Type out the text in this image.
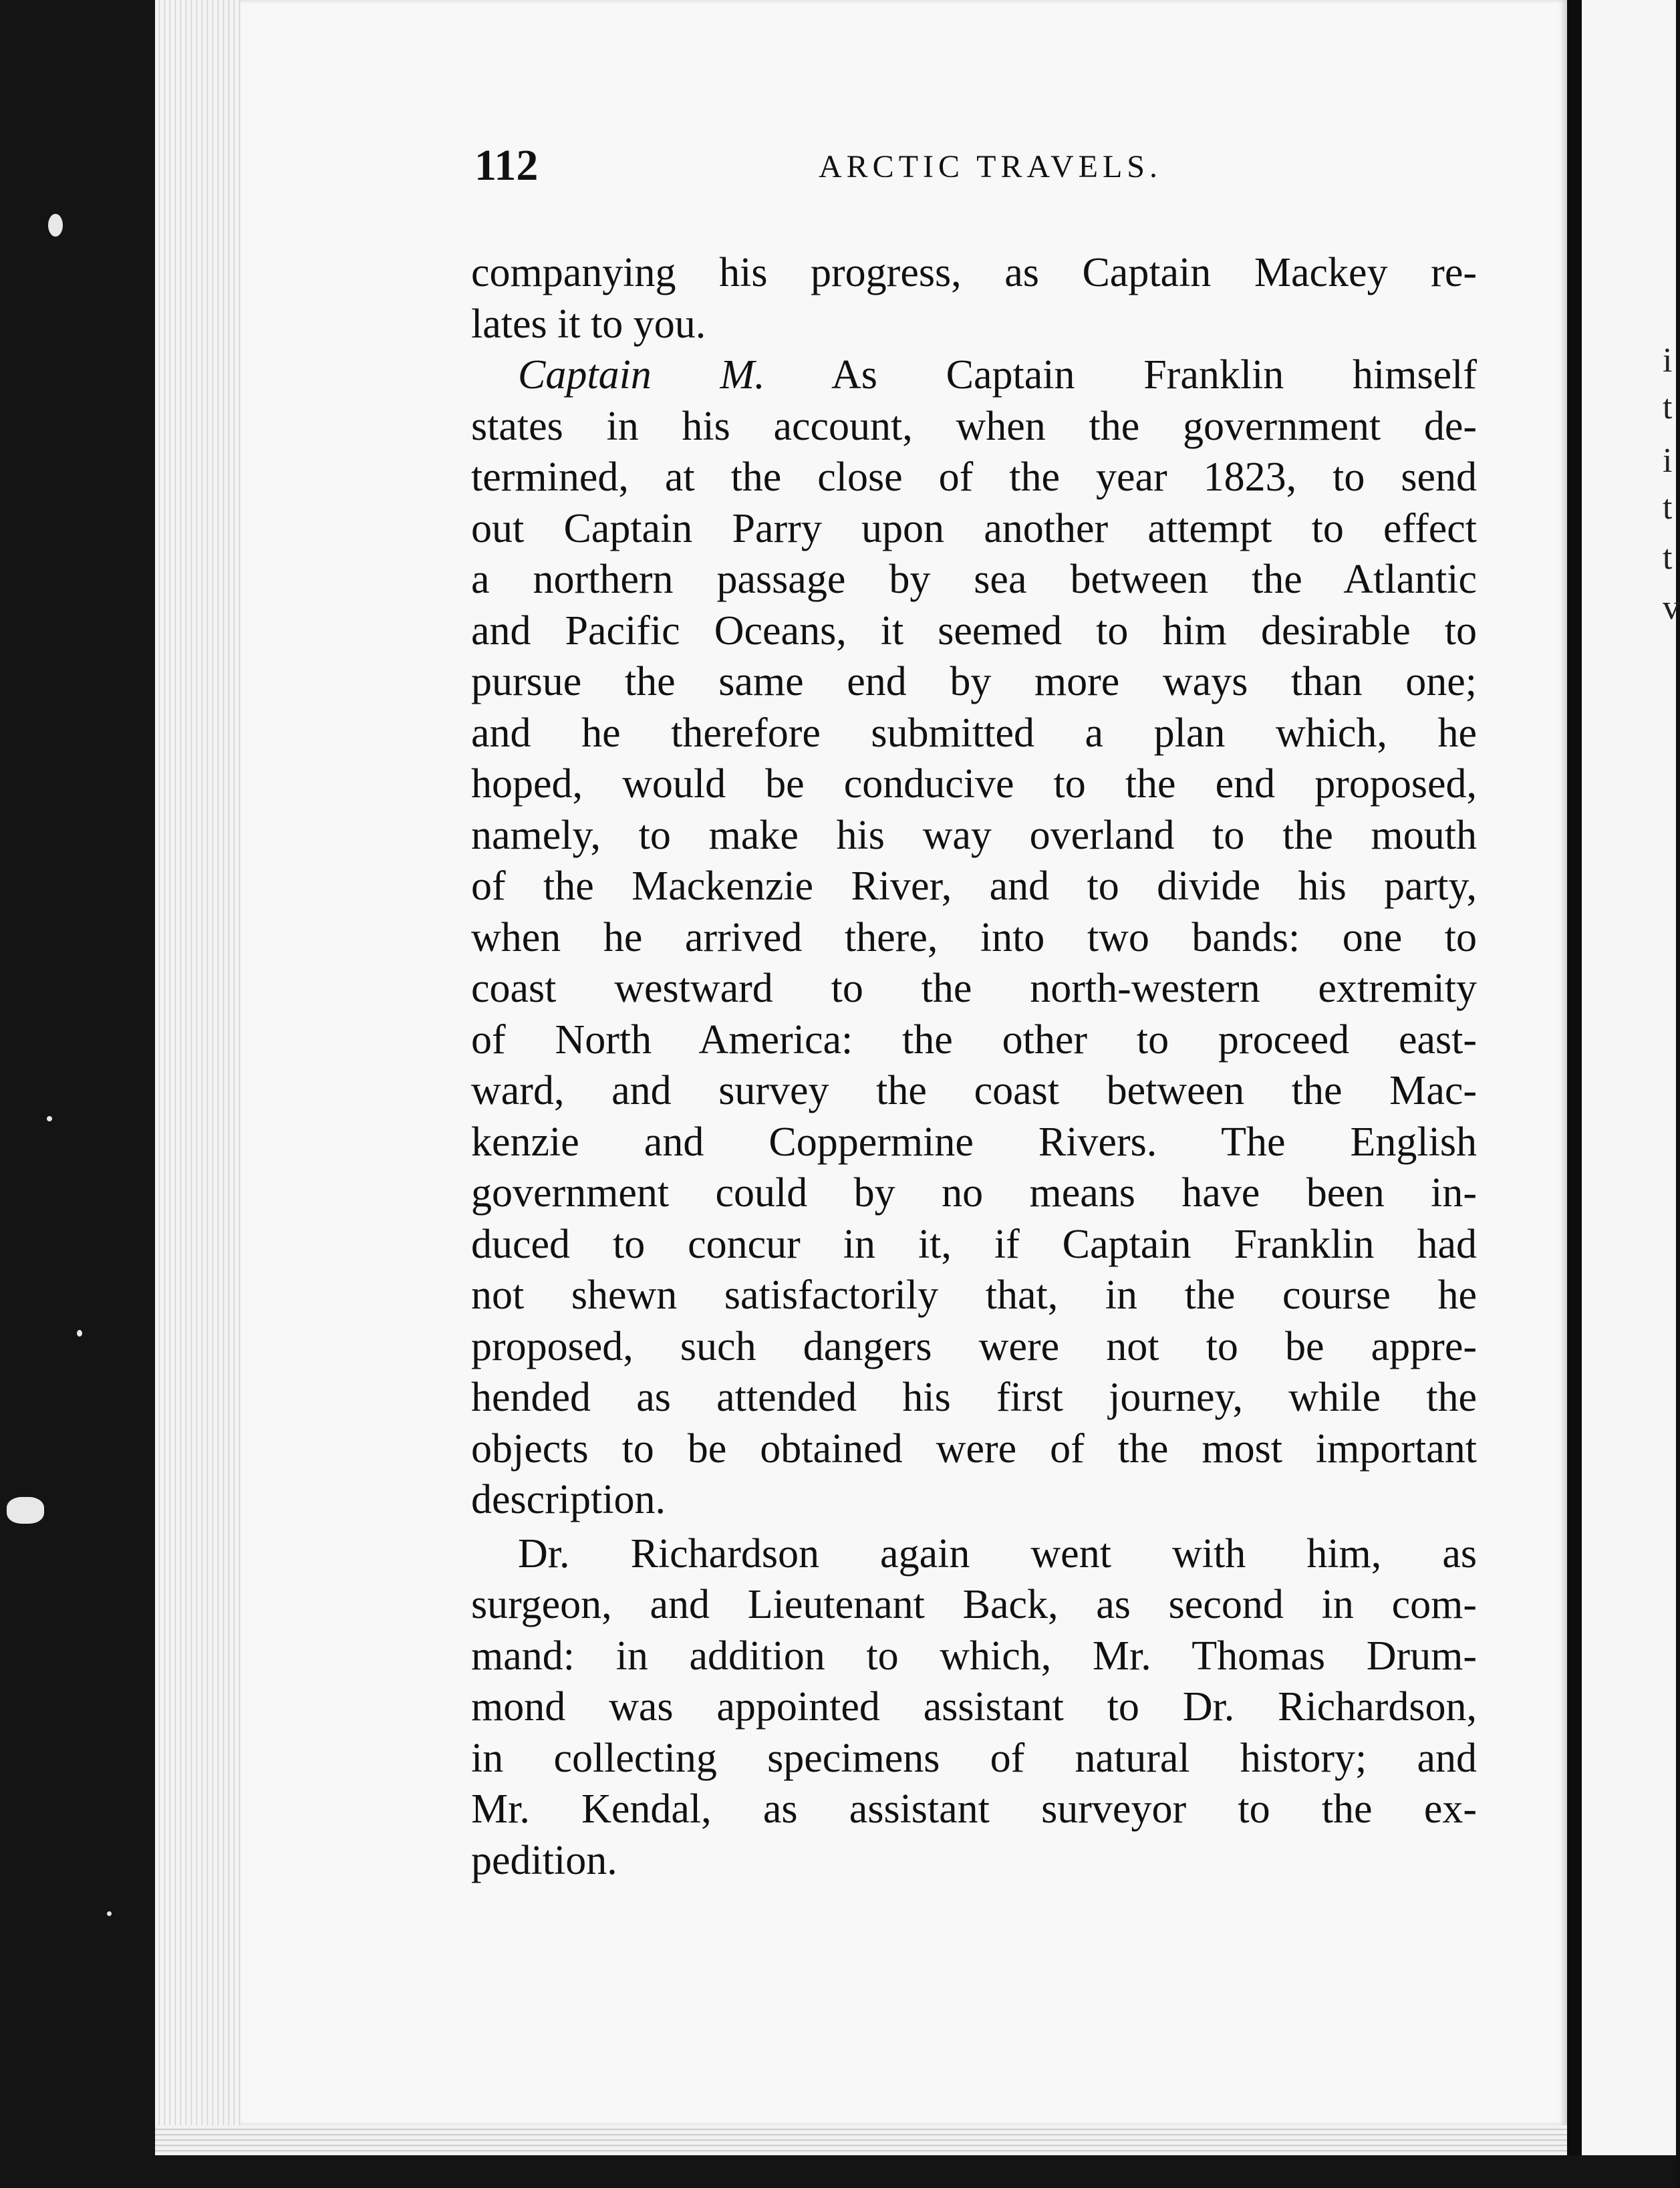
i
t
i
t
t
v
112	ARCTIC TRAVELS.
companying his progress, as Captain Mackey re-
lates it to you.
Captain M. As Captain Franklin himself
states in his account, when the government de-
termined, at the close of the year 1823, to send
out Captain Parry upon another attempt to effect
a northern passage by sea between the Atlantic
and Pacific Oceans, it seemed to him desirable to
pursue the same end by more ways than one;
and he therefore submitted a plan which, he
hoped, would be conducive to the end proposed,
namely, to make his way overland to the mouth
of the Mackenzie River, and to divide his party,
when he arrived there, into two bands: one to
coast westward to the north-western extremity
of North America: the other to proceed east-
ward, and survey the coast between the Mac-
kenzie and Coppermine Rivers. The English
government could by no means have been in-
duced to concur in it, if Captain Franklin had
not shewn satisfactorily that, in the course he
proposed, such dangers were not to be appre-
hended as attended his first journey, while the
objects to be obtained were of the most important
description.
Dr. Richardson again went with him, as
surgeon, and Lieutenant Back, as second in com-
mand: in addition to which, Mr. Thomas Drum-
mond was appointed assistant to Dr. Richardson,
in collecting specimens of natural history; and
Mr. Kendal, as assistant surveyor to the ex-
pedition.
